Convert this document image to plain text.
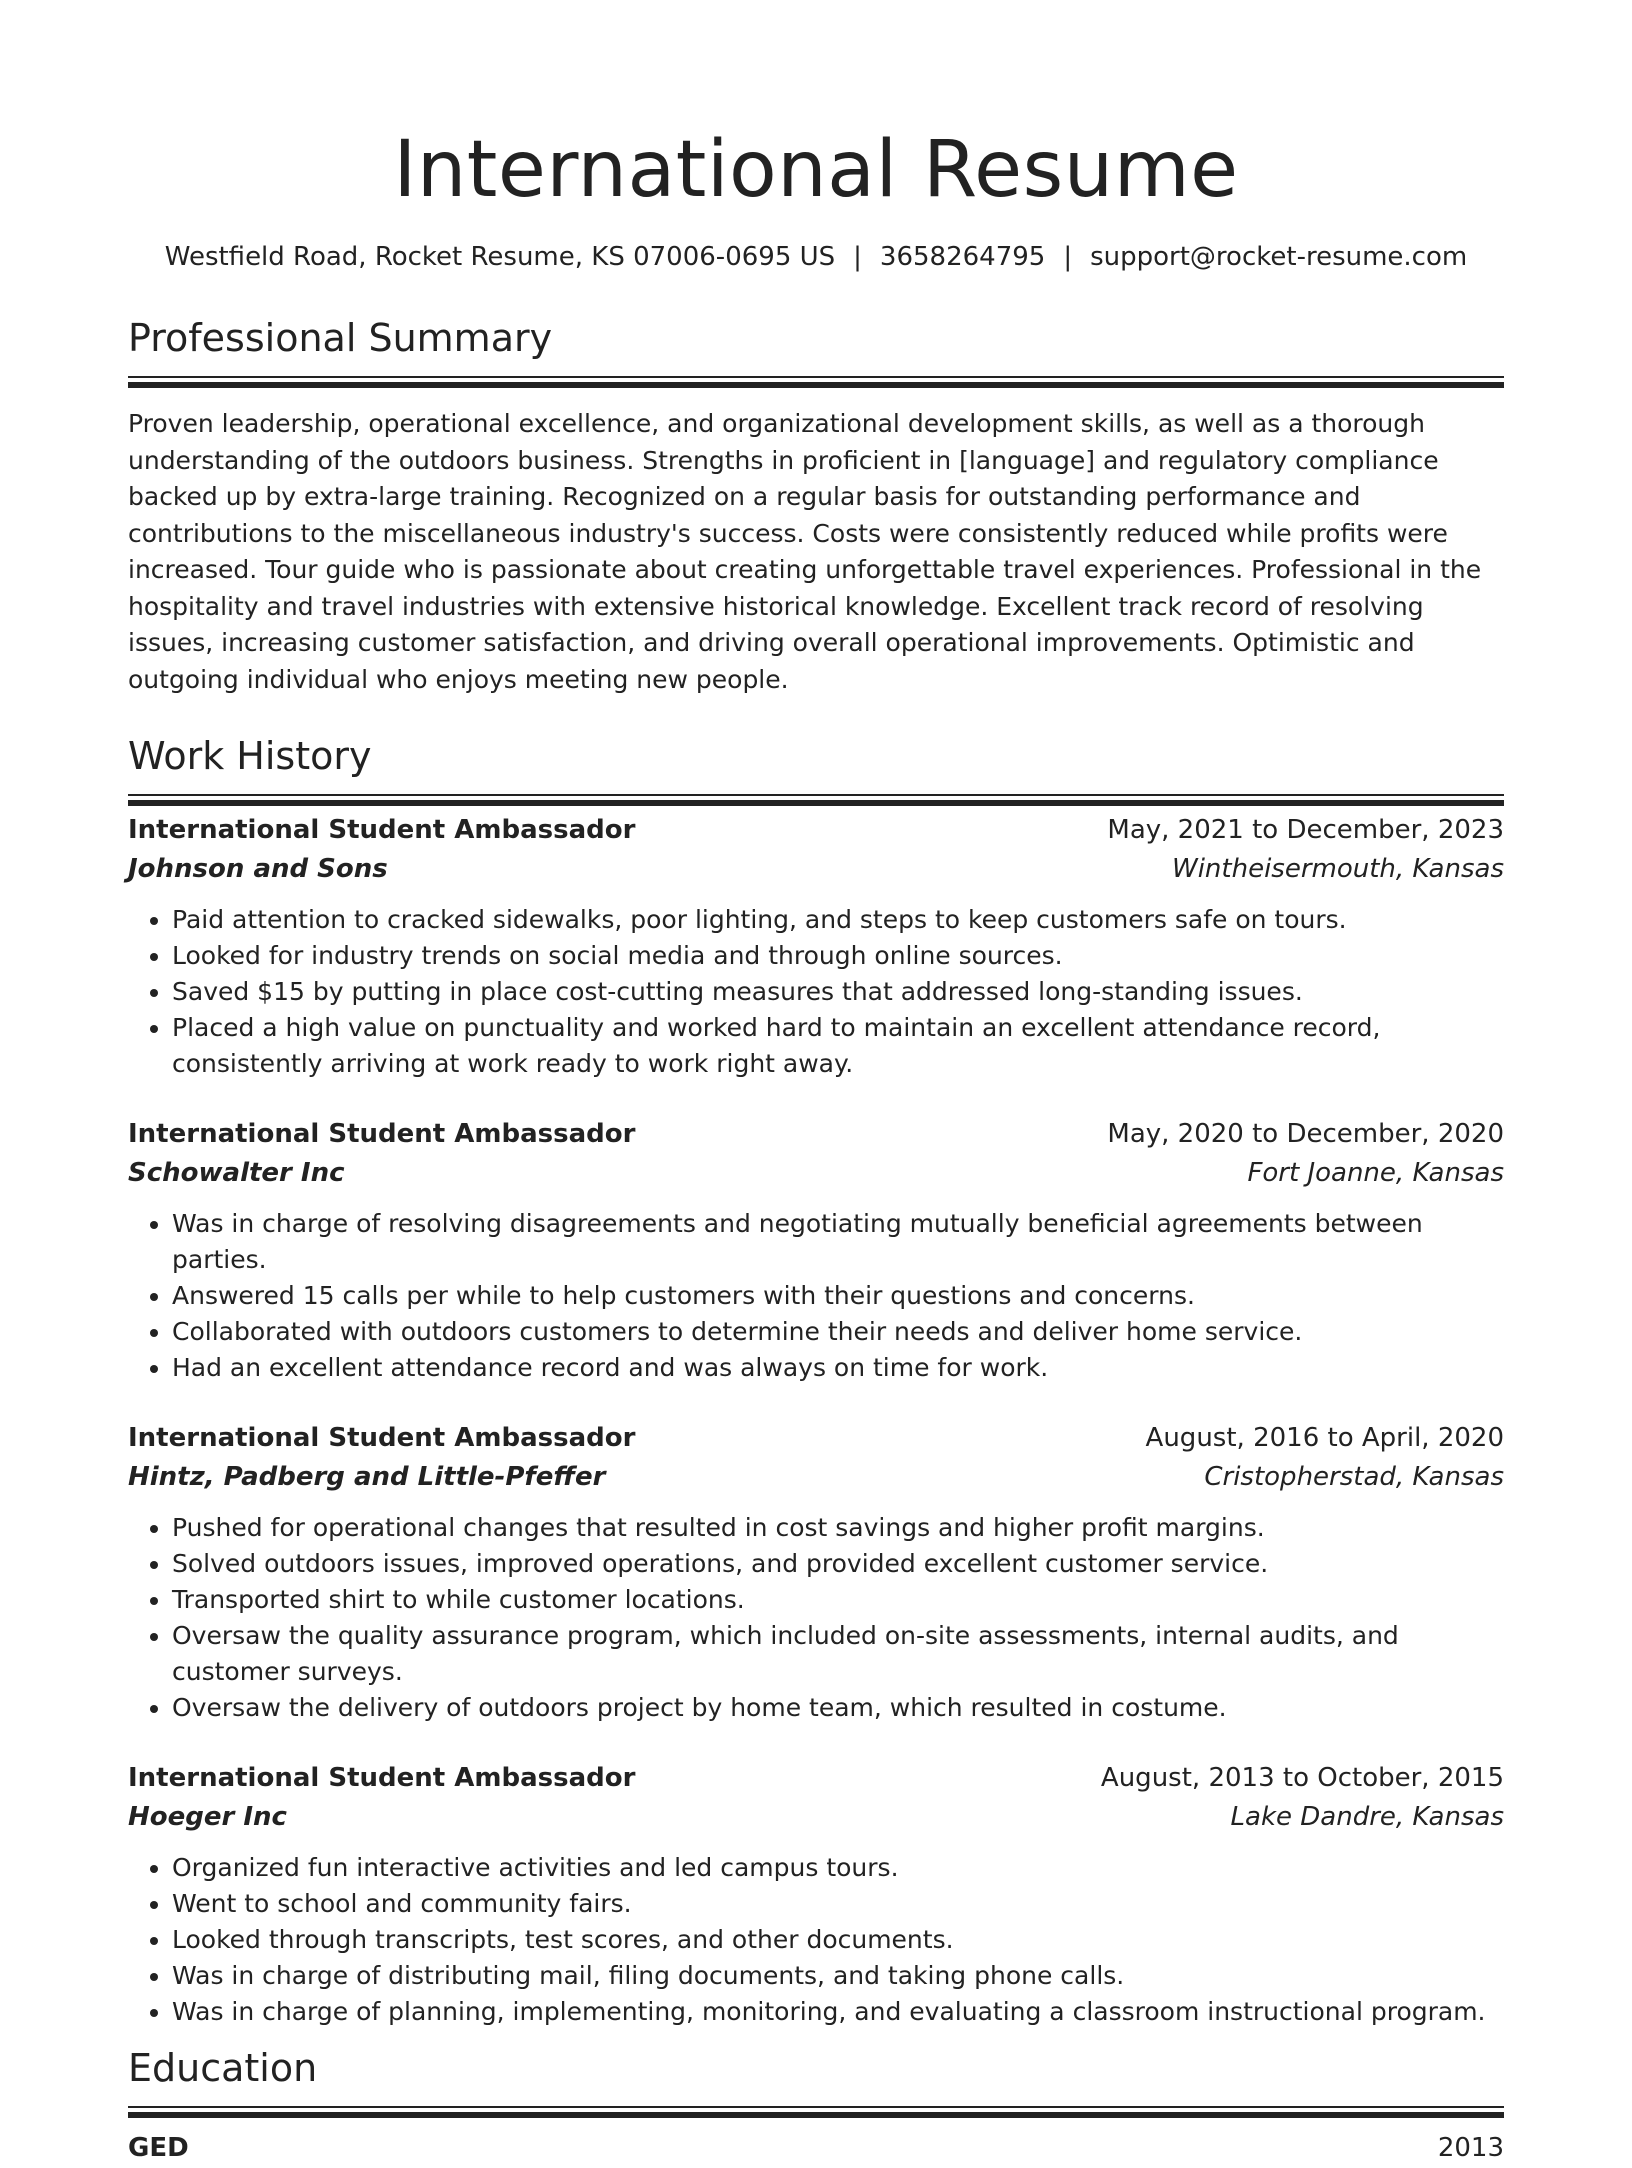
International Resume
Westfield Road, Rocket Resume, KS 07006-0695 US | 3658264795 | support@rocket-resume.com
Professional Summary

Proven leadership, operational excellence, and organizational development skills, as well as a thorough understanding of the outdoors business. Strengths in proficient in [language] and regulatory compliance backed up by extra-large training. Recognized on a regular basis for outstanding performance and contributions to the miscellaneous industry's success. Costs were consistently reduced while profits were increased. Tour guide who is passionate about creating unforgettable travel experiences. Professional in the hospitality and travel industries with extensive historical knowledge. Excellent track record of resolving issues, increasing customer satisfaction, and driving overall operational improvements. Optimistic and outgoing individual who enjoys meeting new people.

Work History
International Student Ambassador	May, 2021 to December, 2023
Johnson and Sons	Wintheisermouth, Kansas
• Paid attention to cracked sidewalks, poor lighting, and steps to keep customers safe on tours.
• Looked for industry trends on social media and through online sources.
• Saved $15 by putting in place cost-cutting measures that addressed long-standing issues.
• Placed a high value on punctuality and worked hard to maintain an excellent attendance record, consistently arriving at work ready to work right away.
International Student Ambassador	May, 2020 to December, 2020
Schowalter Inc	Fort Joanne, Kansas
• Was in charge of resolving disagreements and negotiating mutually beneficial agreements between parties.
• Answered 15 calls per while to help customers with their questions and concerns.
• Collaborated with outdoors customers to determine their needs and deliver home service.
• Had an excellent attendance record and was always on time for work.
International Student Ambassador	August, 2016 to April, 2020
Hintz, Padberg and Little-Pfeffer	Cristopherstad, Kansas
• Pushed for operational changes that resulted in cost savings and higher profit margins.
• Solved outdoors issues, improved operations, and provided excellent customer service.
• Transported shirt to while customer locations.
• Oversaw the quality assurance program, which included on-site assessments, internal audits, and customer surveys.
• Oversaw the delivery of outdoors project by home team, which resulted in costume.
International Student Ambassador	August, 2013 to October, 2015
Hoeger Inc	Lake Dandre, Kansas
• Organized fun interactive activities and led campus tours.
• Went to school and community fairs.
• Looked through transcripts, test scores, and other documents.
• Was in charge of distributing mail, filing documents, and taking phone calls.
• Was in charge of planning, implementing, monitoring, and evaluating a classroom instructional program.
Education
GED	2013
